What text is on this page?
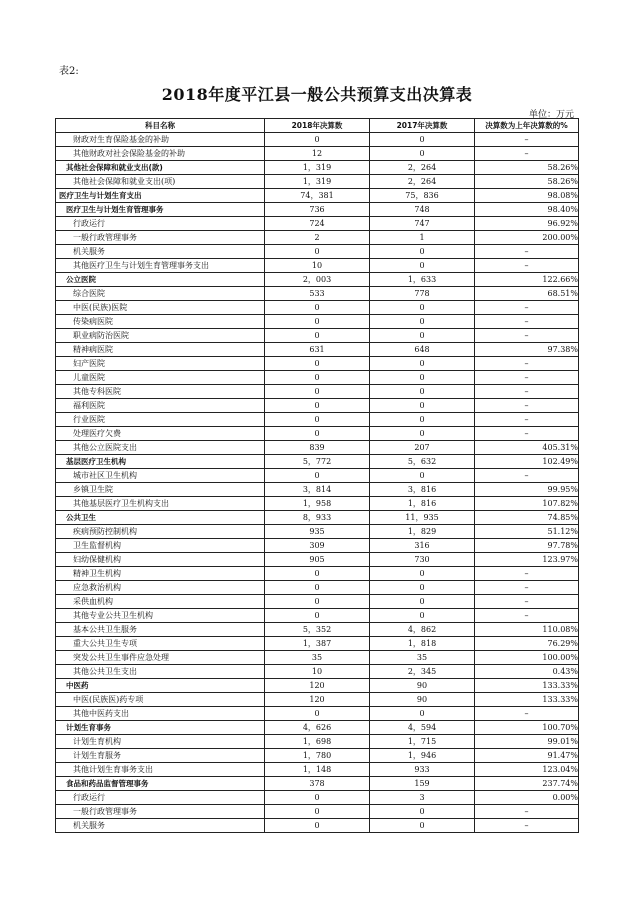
表2:
2018年度平江县一般公共预算支出决算表
单位：万元
科目名称	2018年决算数	2017年决算数	决算数为上年决算数的%
财政对生育保险基金的补助	0	0	–
其他财政对社会保险基金的补助	12	0	–
其他社会保障和就业支出(款)	1，319	2，264	58.26%
其他社会保障和就业支出(项)	1，319	2，264	58.26%
医疗卫生与计划生育支出	74，381	75，836	98.08%
医疗卫生与计划生育管理事务	736	748	98.40%
行政运行	724	747	96.92%
一般行政管理事务	2	1	200.00%
机关服务	0	0	–
其他医疗卫生与计划生育管理事务支出	10	0	–
公立医院	2，003	1，633	122.66%
综合医院	533	778	68.51%
中医(民族)医院	0	0	–
传染病医院	0	0	–
职业病防治医院	0	0	–
精神病医院	631	648	97.38%
妇产医院	0	0	–
儿童医院	0	0	–
其他专科医院	0	0	–
福利医院	0	0	–
行业医院	0	0	–
处理医疗欠费	0	0	–
其他公立医院支出	839	207	405.31%
基层医疗卫生机构	5，772	5，632	102.49%
城市社区卫生机构	0	0	–
乡镇卫生院	3，814	3，816	99.95%
其他基层医疗卫生机构支出	1，958	1，816	107.82%
公共卫生	8，933	11，935	74.85%
疾病预防控制机构	935	1，829	51.12%
卫生监督机构	309	316	97.78%
妇幼保健机构	905	730	123.97%
精神卫生机构	0	0	–
应急救治机构	0	0	–
采供血机构	0	0	–
其他专业公共卫生机构	0	0	–
基本公共卫生服务	5，352	4，862	110.08%
重大公共卫生专项	1，387	1，818	76.29%
突发公共卫生事件应急处理	35	35	100.00%
其他公共卫生支出	10	2，345	0.43%
中医药	120	90	133.33%
中医(民族医)药专项	120	90	133.33%
其他中医药支出	0	0	–
计划生育事务	4，626	4，594	100.70%
计划生育机构	1，698	1，715	99.01%
计划生育服务	1，780	1，946	91.47%
其他计划生育事务支出	1，148	933	123.04%
食品和药品监督管理事务	378	159	237.74%
行政运行	0	3	0.00%
一般行政管理事务	0	0	–
机关服务	0	0	–
